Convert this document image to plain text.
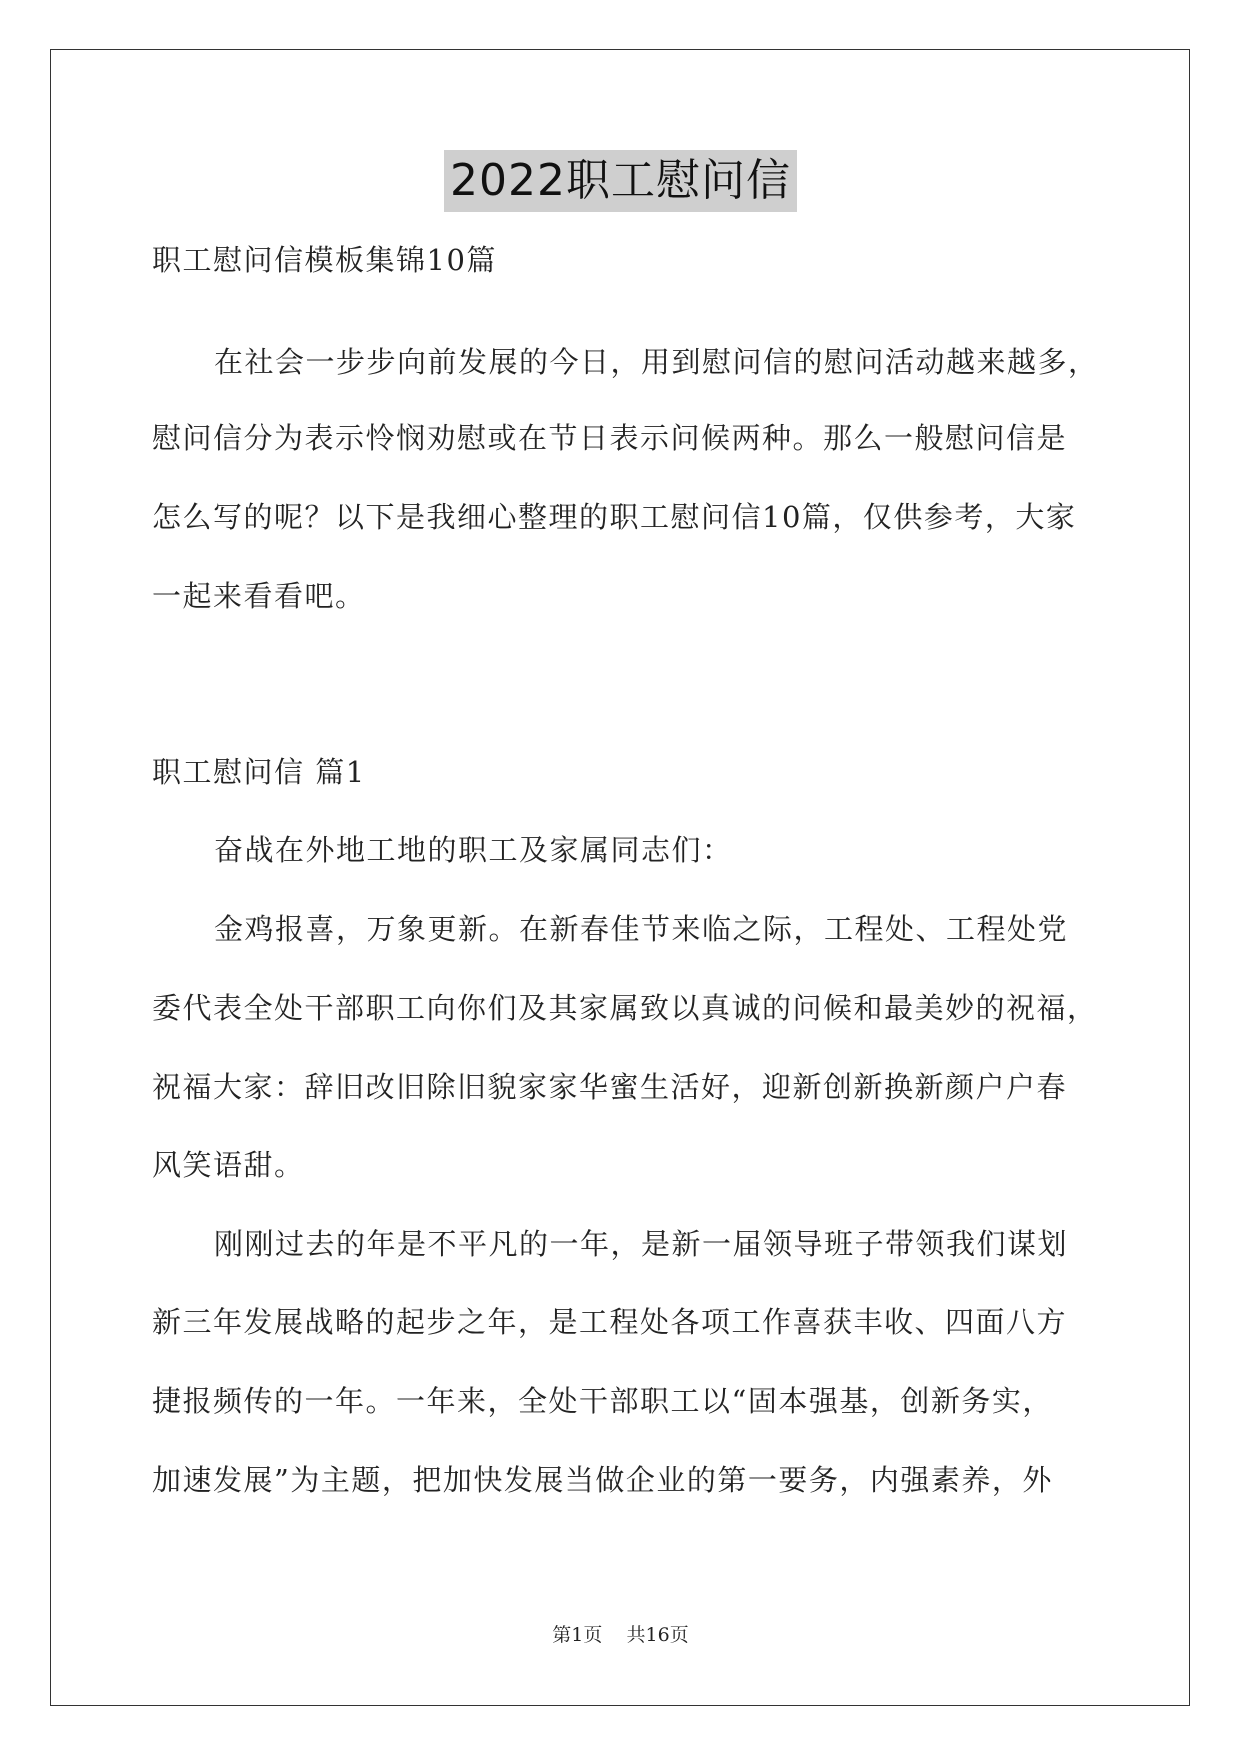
2022职工慰问信
职工慰问信模板集锦10篇
在社会一步步向前发展的今日，用到慰问信的慰问活动越来越多，
慰问信分为表示怜悯劝慰或在节日表示问候两种。那么一般慰问信是
怎么写的呢？以下是我细心整理的职工慰问信10篇，仅供参考，大家
一起来看看吧。
职工慰问信 篇1
奋战在外地工地的职工及家属同志们：
金鸡报喜，万象更新。在新春佳节来临之际，工程处、工程处党
委代表全处干部职工向你们及其家属致以真诚的问候和最美妙的祝福，
祝福大家：辞旧改旧除旧貌家家华蜜生活好，迎新创新换新颜户户春
风笑语甜。
刚刚过去的年是不平凡的一年，是新一届领导班子带领我们谋划
新三年发展战略的起步之年，是工程处各项工作喜获丰收、四面八方
捷报频传的一年。一年来，全处干部职工以“固本强基，创新务实，
加速发展”为主题，把加快发展当做企业的第一要务，内强素养，外
第1页 共16页
